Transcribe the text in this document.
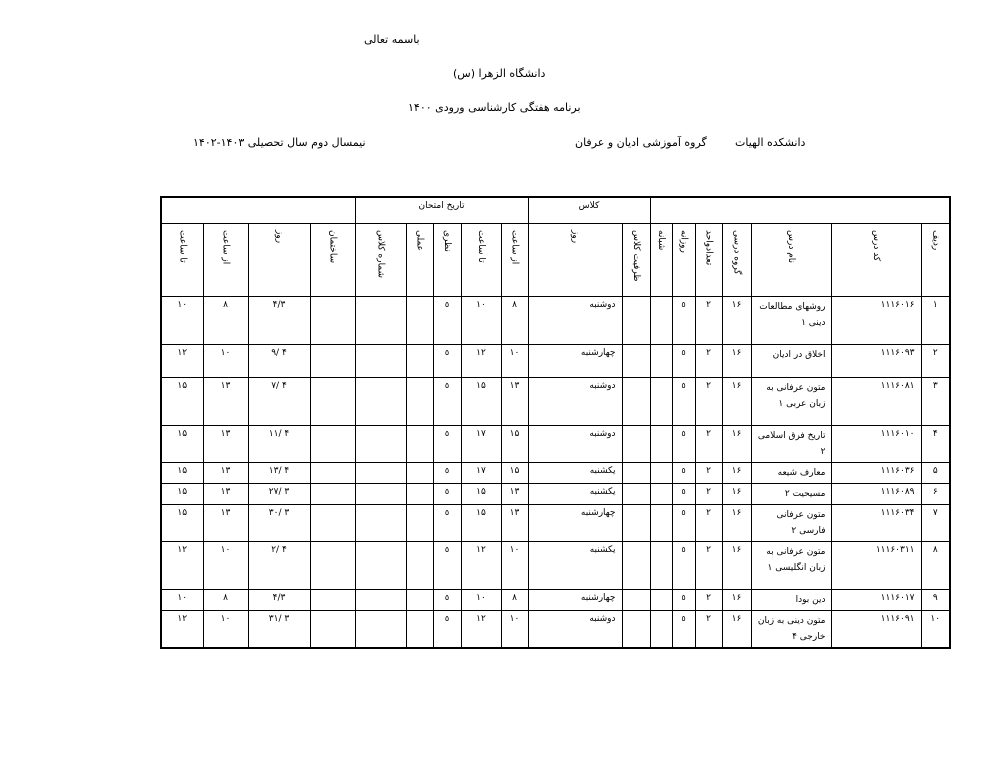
باسمه تعالی
دانشگاه الزهرا (س)
برنامه هفتگی کارشناسی ورودی ۱۴۰۰
دانشکده الهیات
گروه آموزشی ادیان و عرفان
نیمسال دوم سال تحصیلی ۱۴۰۳-۱۴۰۲
							کلاس		تاریخ امتحان								
ردیف	کد درس	نام درس	گروه درسی	تعدادواحد	روزانه	شبانه	ظرفیت کلاس	روز	از ساعت	تا ساعت	نظری	عملی	شماره کلاس	ساختمان	روز	از ساعت	تا ساعت
۱	۱۱۱۶۰۱۶	روشهای مطالعات دینی ۱	۱۶	۲	٥			دوشنبه	۸	۱۰	٥				۴/۳	۸	۱۰
۲	۱۱۱۶۰۹۳	اخلاق در ادیان	۱۶	۲	٥			چهارشنبه	۱۰	۱۲	٥				۴ /۹	۱۰	۱۲
۳	۱۱۱۶۰۸۱	متون عرفانی به زبان عربی ۱	۱۶	۲	٥			دوشنبه	۱۳	۱۵	٥				۴ /۷	۱۳	۱۵
۴	۱۱۱۶۰۱۰	تاریخ فرق اسلامی ۲	۱۶	۲	٥			دوشنبه	۱۵	۱۷	٥				۴ /۱۱	۱۳	۱۵
۵	۱۱۱۶۰۳۶	معارف شیعه	۱۶	۲	٥			یکشنبه	۱۵	۱۷	٥				۴ /۱۳	۱۳	۱۵
۶	۱۱۱۶۰۸۹	مسیحیت ۲	۱۶	۲	٥			یکشنبه	۱۳	۱۵	٥				۳ /۲۷	۱۳	۱۵
۷	۱۱۱۶۰۳۴	متون عرفانی فارسی ۲	۱۶	۲	٥			چهارشنبه	۱۳	۱۵	٥				۳ /۳۰	۱۳	۱۵
۸	۱۱۱۶۰۳۱۱	متون عرفانی به زبان انگلیسی ۱	۱۶	۲	٥			یکشنبه	۱۰	۱۲	٥				۴ /۲	۱۰	۱۲
۹	۱۱۱۶۰۱۷	دین بودا	۱۶	۲	٥			چهارشنبه	۸	۱۰	٥				۴/۳	۸	۱۰
۱۰	۱۱۱۶۰۹۱	متون دینی به زبان خارجی ۴	۱۶	۲	٥			دوشنبه	۱۰	۱۲	٥				۳ /۳۱	۱۰	۱۲
